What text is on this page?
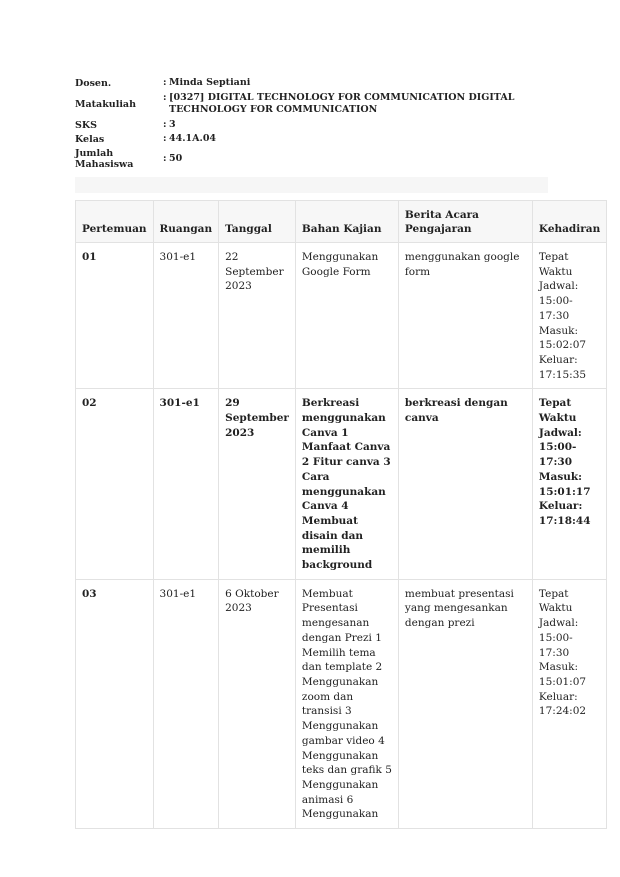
Dosen.	: Minda Septiani
Matakuliah
: [0327] DIGITAL TECHNOLOGY FOR COMMUNICATION DIGITAL TECHNOLOGY FOR COMMUNICATION
SKS	: 3
Kelas	: 44.1A.04
Jumlah Mahasiswa
: 50
Pertemuan	Ruangan	Tanggal	Bahan Kajian	Berita Acara Pengajaran	Kehadiran
01	301-e1	22 September 2023	Menggunakan Google Form	menggunakan google form	Tepat Waktu
Jadwal: 15:00-17:30
Masuk: 15:02:07
Keluar: 17:15:35
02	301-e1	29 September 2023	Berkreasi menggunakan Canva 1 Manfaat Canva 2 Fitur canva 3 Cara menggunakan Canva 4 Membuat disain dan memilih background	berkreasi dengan canva	Tepat Waktu
Jadwal: 15:00-17:30
Masuk: 15:01:17
Keluar: 17:18:44
03	301-e1	6 Oktober 2023	Membuat Presentasi mengesanan dengan Prezi 1 Memilih tema dan template 2 Menggunakan zoom dan transisi 3 Menggunakan gambar video 4 Menggunakan teks dan grafik 5 Menggunakan animasi 6 Menggunakan	membuat presentasi yang mengesankan dengan prezi	Tepat Waktu
Jadwal: 15:00-17:30
Masuk: 15:01:07
Keluar: 17:24:02
